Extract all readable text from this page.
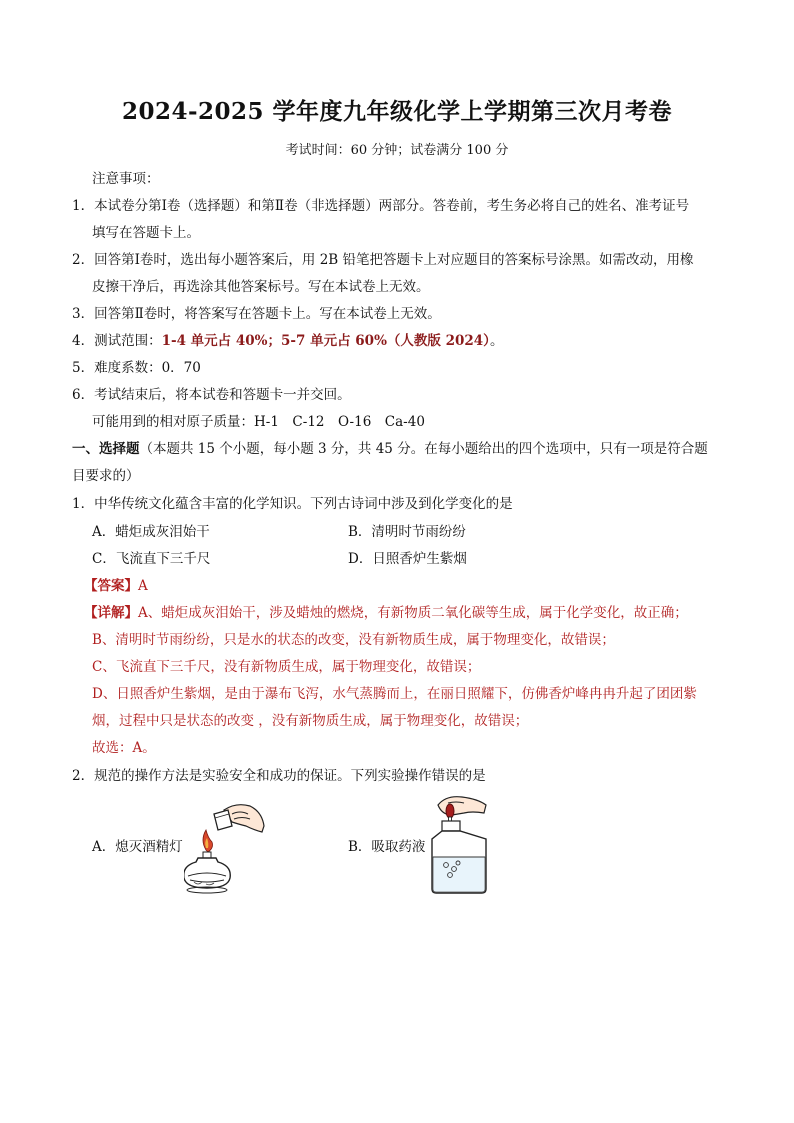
2024-2025 学年度九年级化学上学期第三次月考卷
考试时间：60 分钟；试卷满分 100 分
注意事项：
1．本试卷分第Ⅰ卷（选择题）和第Ⅱ卷（非选择题）两部分。答卷前，考生务必将自己的姓名、准考证号
填写在答题卡上。
2．回答第Ⅰ卷时，选出每小题答案后，用 2B 铅笔把答题卡上对应题目的答案标号涂黑。如需改动，用橡
皮擦干净后，再选涂其他答案标号。写在本试卷上无效。
3．回答第Ⅱ卷时，将答案写在答题卡上。写在本试卷上无效。
4．测试范围：1-4 单元占 40%；5-7 单元占 60%（人教版 2024）。
5．难度系数：0．70
6．考试结束后，将本试卷和答题卡一并交回。
可能用到的相对原子质量：H-1　C-12　O-16　Ca-40
一、选择题（本题共 15 个小题，每小题 3 分，共 45 分。在每小题给出的四个选项中，只有一项是符合题
目要求的）
1．中华传统文化蕴含丰富的化学知识。下列古诗词中涉及到化学变化的是
A．蜡炬成灰泪始干	B．清明时节雨纷纷
C．飞流直下三千尺	D．日照香炉生紫烟
【答案】A
【详解】A、蜡炬成灰泪始干，涉及蜡烛的燃烧，有新物质二氧化碳等生成，属于化学变化，故正确；
B、清明时节雨纷纷，只是水的状态的改变，没有新物质生成，属于物理变化，故错误；
C、飞流直下三千尺，没有新物质生成，属于物理变化，故错误；
D、日照香炉生紫烟，是由于瀑布飞泻，水气蒸腾而上，在丽日照耀下，仿佛香炉峰冉冉升起了团团紫
烟，过程中只是状态的改变 ，没有新物质生成，属于物理变化，故错误；
故选：A。
2．规范的操作方法是实验安全和成功的保证。下列实验操作错误的是
A．熄灭酒精灯	B．吸取药液
